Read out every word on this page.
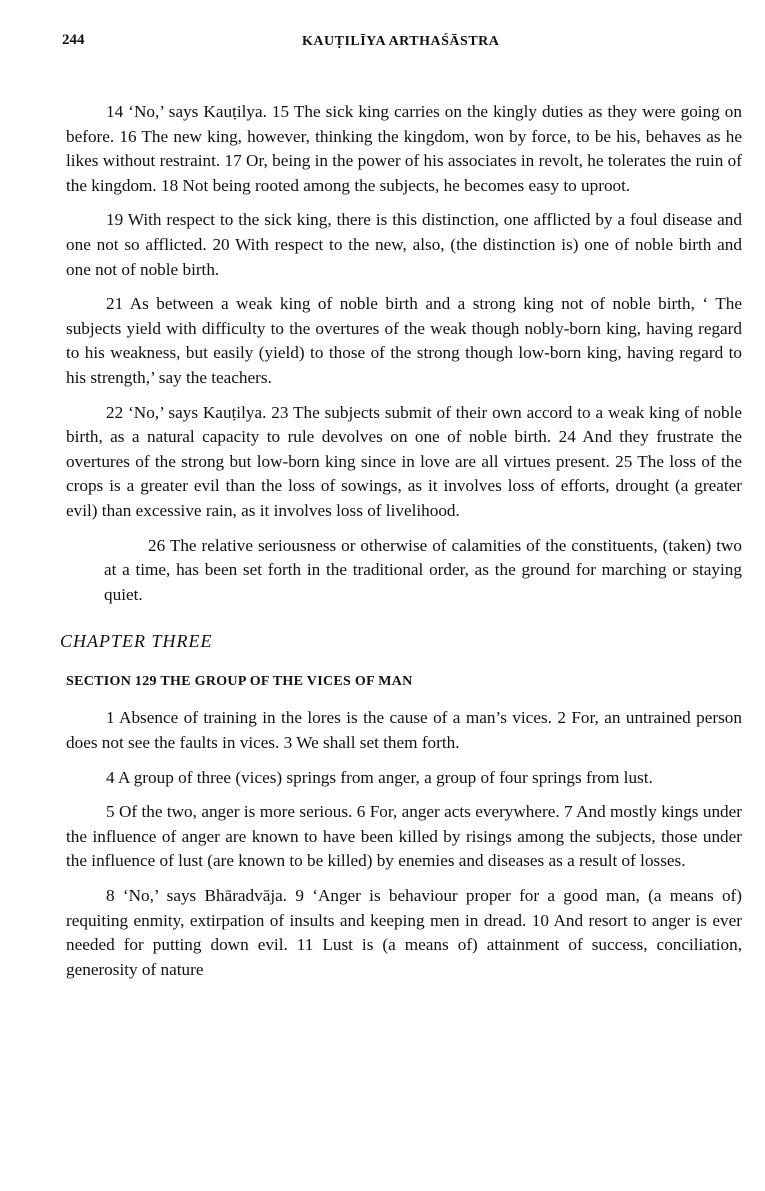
244	KAUṬILĪYA ARTHAŚĀSTRA

14 ‘No,’ says Kauṭilya. 15 The sick king carries on the kingly duties as they were going on before. 16 The new king, however, thinking the kingdom, won by force, to be his, behaves as he likes without restraint. 17 Or, being in the power of his associates in revolt, he tolerates the ruin of the kingdom. 18 Not being rooted among the subjects, he becomes easy to uproot.

19 With respect to the sick king, there is this distinction, one afflicted by a foul disease and one not so afflicted. 20 With respect to the new, also, (the distinction is) one of noble birth and one not of noble birth.

21 As between a weak king of noble birth and a strong king not of noble birth, ‘ The subjects yield with difficulty to the overtures of the weak though nobly-born king, having regard to his weakness, but easily (yield) to those of the strong though low-born king, having regard to his strength,’ say the teachers.

22 ‘No,’ says Kauṭilya. 23 The subjects submit of their own accord to a weak king of noble birth, as a natural capacity to rule devolves on one of noble birth. 24 And they frustrate the overtures of the strong but low-born king since in love are all virtues present. 25 The loss of the crops is a greater evil than the loss of sowings, as it involves loss of efforts, drought (a greater evil) than excessive rain, as it involves loss of livelihood.

26 The relative seriousness or otherwise of calamities of the constituents, (taken) two at a time, has been set forth in the traditional order, as the ground for marching or staying quiet.

CHAPTER THREE
SECTION 129 THE GROUP OF THE VICES OF MAN

1 Absence of training in the lores is the cause of a man’s vices. 2 For, an untrained person does not see the faults in vices. 3 We shall set them forth.

4 A group of three (vices) springs from anger, a group of four springs from lust.

5 Of the two, anger is more serious. 6 For, anger acts everywhere. 7 And mostly kings under the influence of anger are known to have been killed by risings among the subjects, those under the influence of lust (are known to be killed) by enemies and diseases as a result of losses.

8 ‘No,’ says Bhāradvāja. 9 ‘Anger is behaviour proper for a good man, (a means of) requiting enmity, extirpation of insults and keeping men in dread. 10 And resort to anger is ever needed for putting down evil. 11 Lust is (a means of) attainment of success, conciliation, generosity of nature
